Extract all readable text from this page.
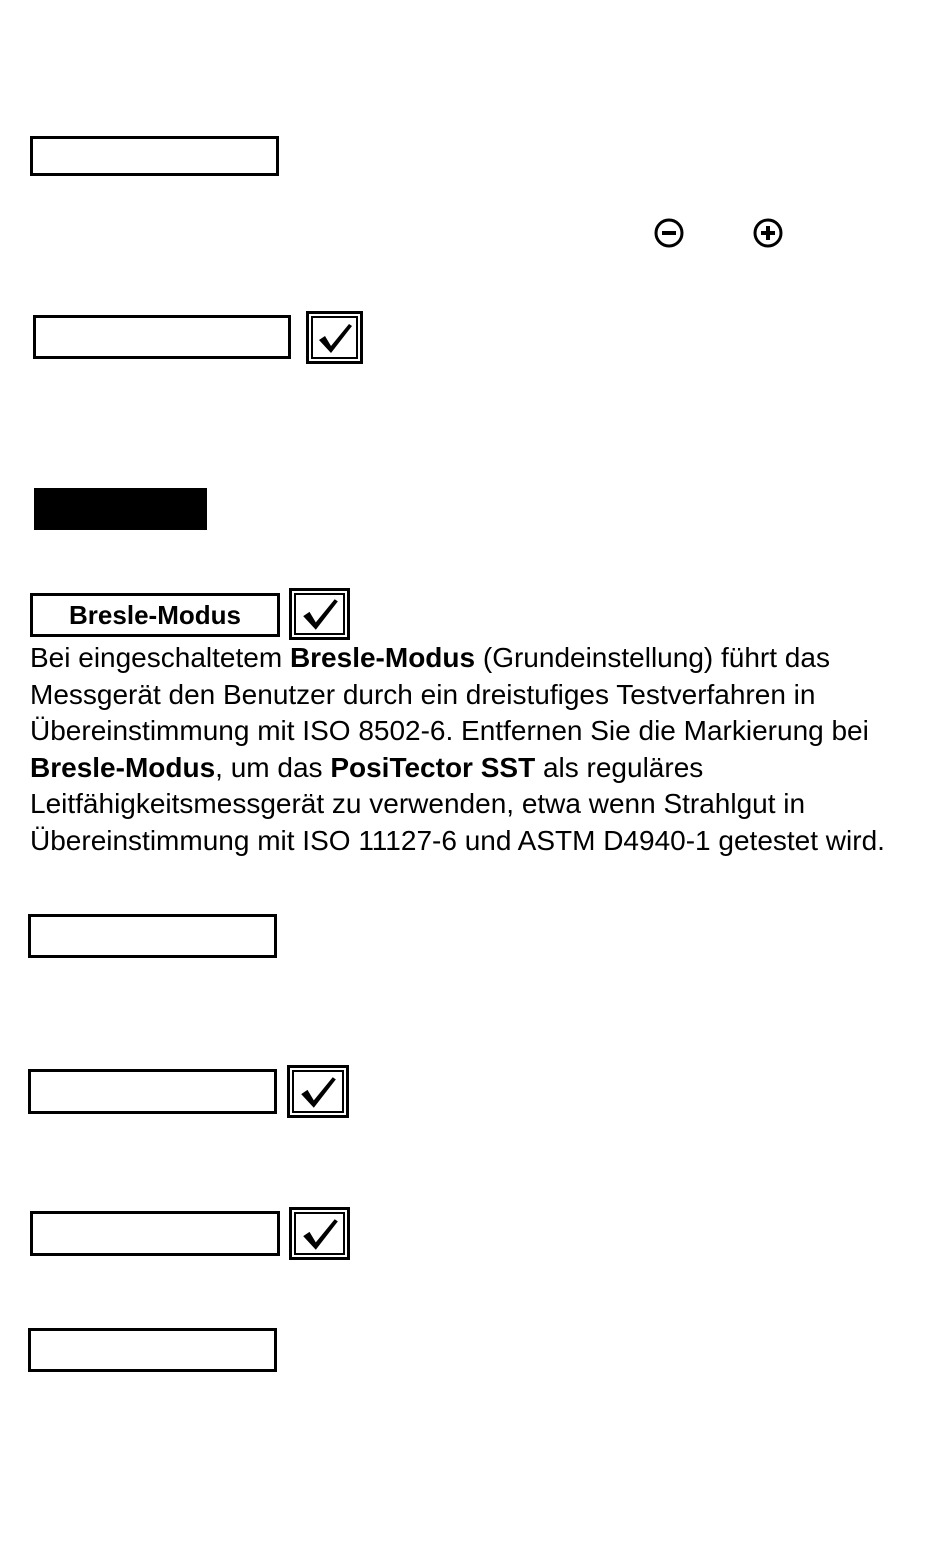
Bresle-Modus

Bei eingeschaltetem Bresle-Modus (Grundeinstellung) führt das Messgerät den Benutzer durch ein dreistufiges Testverfahren in Übereinstimmung mit ISO 8502-6. Entfernen Sie die Markierung bei Bresle-Modus, um das PosiTector SST als reguläres Leitfähigkeitsmessgerät zu verwenden, etwa wenn Strahlgut in Übereinstimmung mit ISO 11127-6 und ASTM D4940-1 getestet wird.
